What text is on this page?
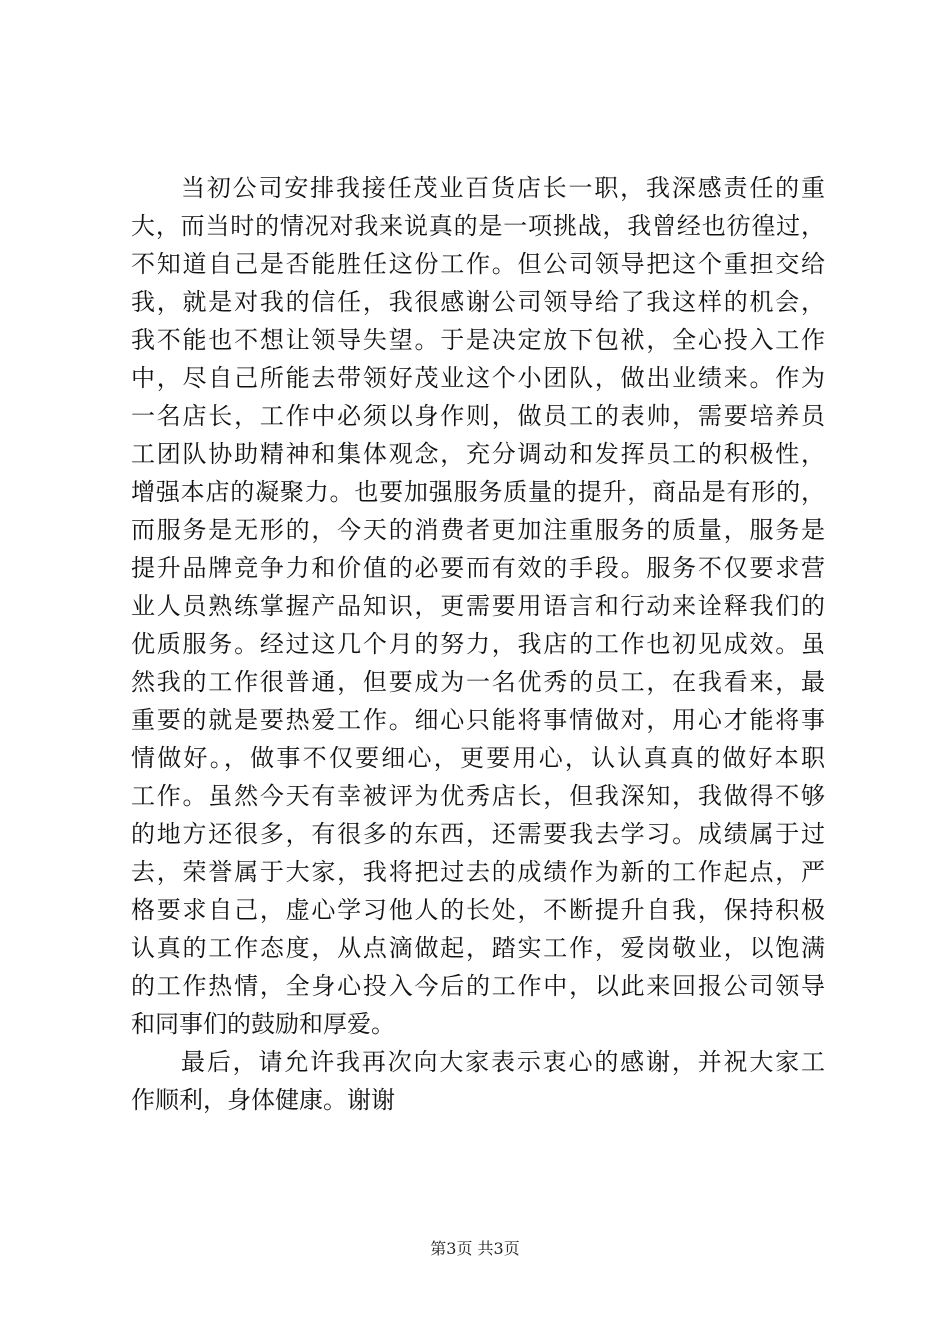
当初公司安排我接任茂业百货店长一职，我深感责任的重
大，而当时的情况对我来说真的是一项挑战，我曾经也彷徨过，
不知道自己是否能胜任这份工作。但公司领导把这个重担交给
我，就是对我的信任，我很感谢公司领导给了我这样的机会，
我不能也不想让领导失望。于是决定放下包袱，全心投入工作
中，尽自己所能去带领好茂业这个小团队，做出业绩来。作为
一名店长，工作中必须以身作则，做员工的表帅，需要培养员
工团队协助精神和集体观念，充分调动和发挥员工的积极性，
增强本店的凝聚力。也要加强服务质量的提升，商品是有形的，
而服务是无形的，今天的消费者更加注重服务的质量，服务是
提升品牌竞争力和价值的必要而有效的手段。服务不仅要求营
业人员熟练掌握产品知识，更需要用语言和行动来诠释我们的
优质服务。经过这几个月的努力，我店的工作也初见成效。虽
然我的工作很普通，但要成为一名优秀的员工，在我看来，最
重要的就是要热爱工作。细心只能将事情做对，用心才能将事
情做好。，做事不仅要细心，更要用心，认认真真的做好本职
工作。虽然今天有幸被评为优秀店长，但我深知，我做得不够
的地方还很多，有很多的东西，还需要我去学习。成绩属于过
去，荣誉属于大家，我将把过去的成绩作为新的工作起点，严
格要求自己，虚心学习他人的长处，不断提升自我，保持积极
认真的工作态度，从点滴做起，踏实工作，爱岗敬业，以饱满
的工作热情，全身心投入今后的工作中，以此来回报公司领导
和同事们的鼓励和厚爱。
最后，请允许我再次向大家表示衷心的感谢，并祝大家工
作顺利，身体健康。谢谢
第3页 共3页
